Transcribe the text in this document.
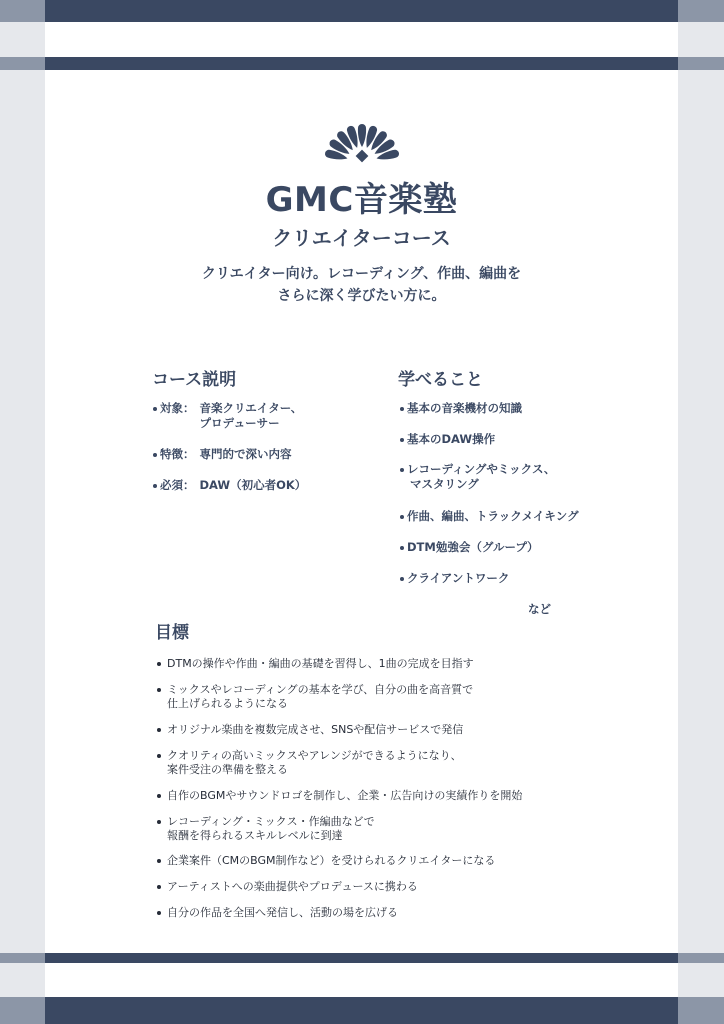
GMC音楽塾
クリエイターコース
クリエイター向け。レコーディング、作曲、編曲を
さらに深く学びたい方に。
コース説明
対象： 音楽クリエイター、
プロデューサー
特徴： 専門的で深い内容
必須： DAW（初心者OK）
学べること
基本の音楽機材の知識
基本のDAW操作
レコーディングやミックス、
マスタリング
作曲、編曲、トラックメイキング
DTM勉強会（グループ）
クライアントワーク
など
目標
DTMの操作や作曲・編曲の基礎を習得し、1曲の完成を目指す
ミックスやレコーディングの基本を学び、自分の曲を高音質で
仕上げられるようになる
オリジナル楽曲を複数完成させ、SNSや配信サービスで発信
クオリティの高いミックスやアレンジができるようになり、
案件受注の準備を整える
自作のBGMやサウンドロゴを制作し、企業・広告向けの実績作りを開始
レコーディング・ミックス・作編曲などで
報酬を得られるスキルレベルに到達
企業案件（CMのBGM制作など）を受けられるクリエイターになる
アーティストへの楽曲提供やプロデュースに携わる
自分の作品を全国へ発信し、活動の場を広げる
